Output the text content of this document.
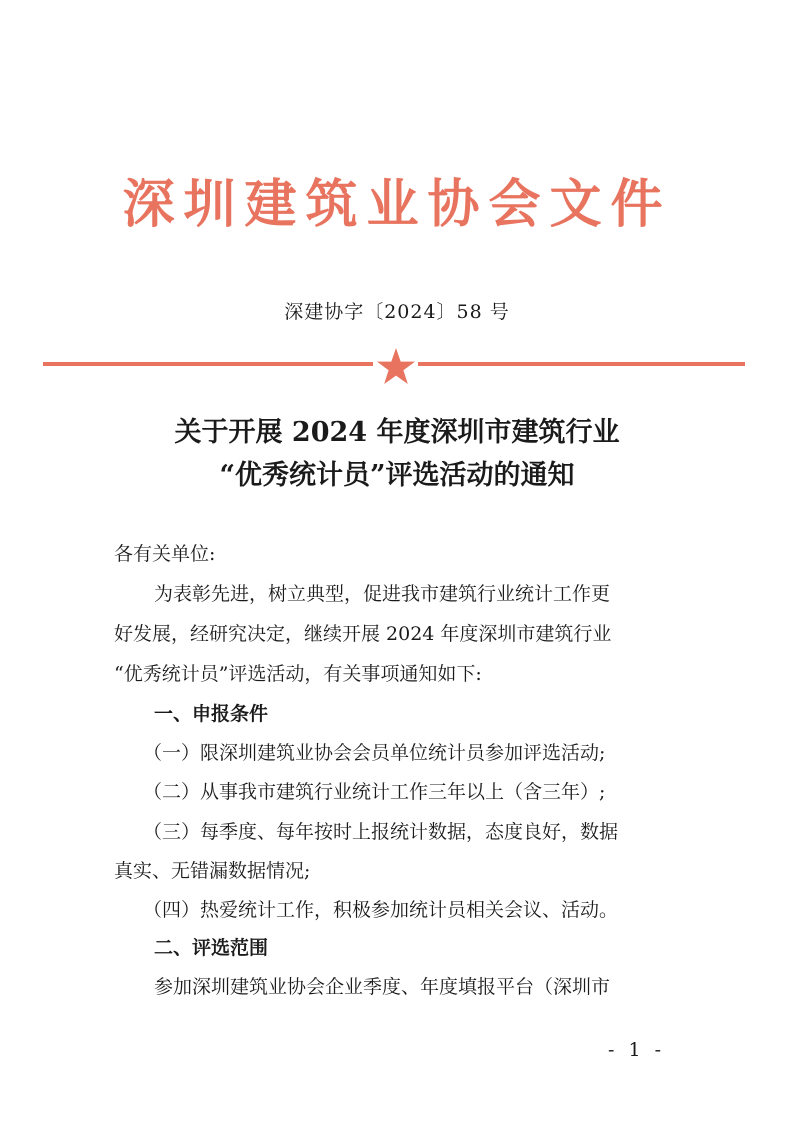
深圳建筑业协会文件
深建协字〔2024〕58 号
关于开展 2024 年度深圳市建筑行业
“优秀统计员”评选活动的通知
各有关单位:
为表彰先进，树立典型，促进我市建筑行业统计工作更
好发展，经研究决定，继续开展 2024 年度深圳市建筑行业
“优秀统计员”评选活动，有关事项通知如下:
一、申报条件
（一）限深圳建筑业协会会员单位统计员参加评选活动;
（二）从事我市建筑行业统计工作三年以上（含三年）;
（三）每季度、每年按时上报统计数据，态度良好，数据
真实、无错漏数据情况;
（四）热爱统计工作，积极参加统计员相关会议、活动。
二、评选范围
参加深圳建筑业协会企业季度、年度填报平台（深圳市
- 1 -
